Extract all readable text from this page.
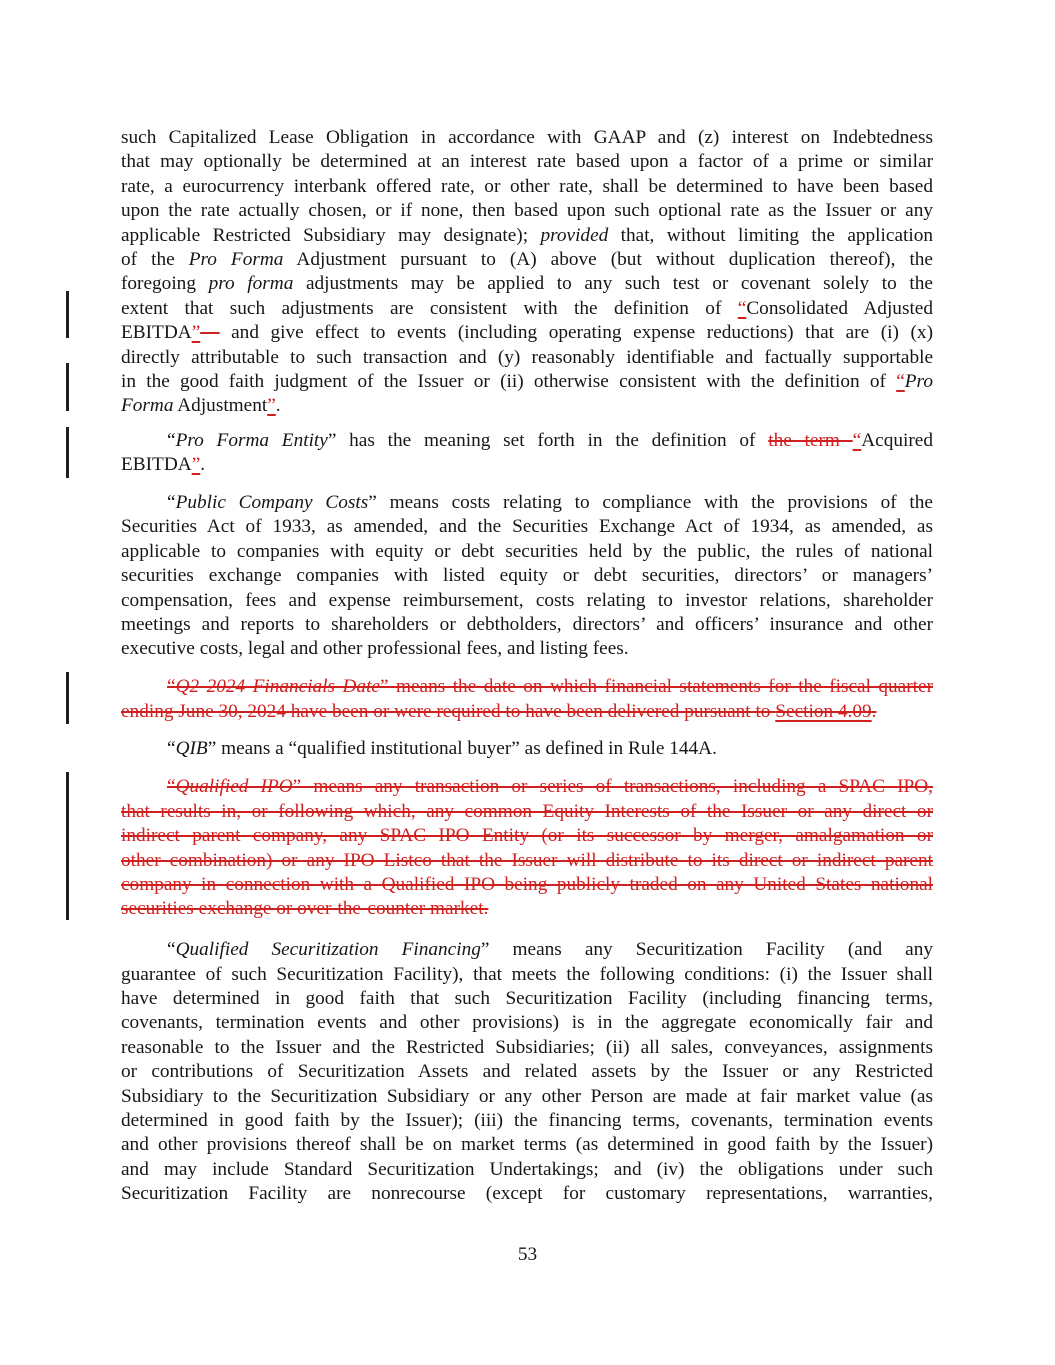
such Capitalized Lease Obligation in accordance with GAAP and (z) interest on Indebtedness
that may optionally be determined at an interest rate based upon a factor of a prime or similar
rate, a eurocurrency interbank offered rate, or other rate, shall be determined to have been based
upon the rate actually chosen, or if none, then based upon such optional rate as the Issuer or any
applicable Restricted Subsidiary may designate); provided that, without limiting the application
of the Pro Forma Adjustment pursuant to (A) above (but without duplication thereof), the
foregoing pro forma adjustments may be applied to any such test or covenant solely to the
extent that such adjustments are consistent with the definition of “Consolidated Adjusted
EBITDA”— and give effect to events (including operating expense reductions) that are (i) (x)
directly attributable to such transaction and (y) reasonably identifiable and factually supportable
in the good faith judgment of the Issuer or (ii) otherwise consistent with the definition of “Pro
Forma Adjustment”.
“Pro Forma Entity” has the meaning set forth in the definition of the term “Acquired
EBITDA”.
“Public Company Costs” means costs relating to compliance with the provisions of the
Securities Act of 1933, as amended, and the Securities Exchange Act of 1934, as amended, as
applicable to companies with equity or debt securities held by the public, the rules of national
securities exchange companies with listed equity or debt securities, directors’ or managers’
compensation, fees and expense reimbursement, costs relating to investor relations, shareholder
meetings and reports to shareholders or debtholders, directors’ and officers’ insurance and other
executive costs, legal and other professional fees, and listing fees.
“Q2 2024 Financials Date” means the date on which financial statements for the fiscal quarter
ending June 30, 2024 have been or were required to have been delivered pursuant to Section 4.09.
“QIB” means a “qualified institutional buyer” as defined in Rule 144A.
“Qualified IPO” means any transaction or series of transactions, including a SPAC IPO,
that results in, or following which, any common Equity Interests of the Issuer or any direct or
indirect parent company, any SPAC IPO Entity (or its successor by merger, amalgamation or
other combination) or any IPO Listco that the Issuer will distribute to its direct or indirect parent
company in connection with a Qualified IPO being publicly traded on any United States national
securities exchange or over-the-counter market.
“Qualified Securitization Financing” means any Securitization Facility (and any
guarantee of such Securitization Facility), that meets the following conditions: (i) the Issuer shall
have determined in good faith that such Securitization Facility (including financing terms,
covenants, termination events and other provisions) is in the aggregate economically fair and
reasonable to the Issuer and the Restricted Subsidiaries; (ii) all sales, conveyances, assignments
or contributions of Securitization Assets and related assets by the Issuer or any Restricted
Subsidiary to the Securitization Subsidiary or any other Person are made at fair market value (as
determined in good faith by the Issuer); (iii) the financing terms, covenants, termination events
and other provisions thereof shall be on market terms (as determined in good faith by the Issuer)
and may include Standard Securitization Undertakings; and (iv) the obligations under such
Securitization Facility are nonrecourse (except for customary representations, warranties,
53
